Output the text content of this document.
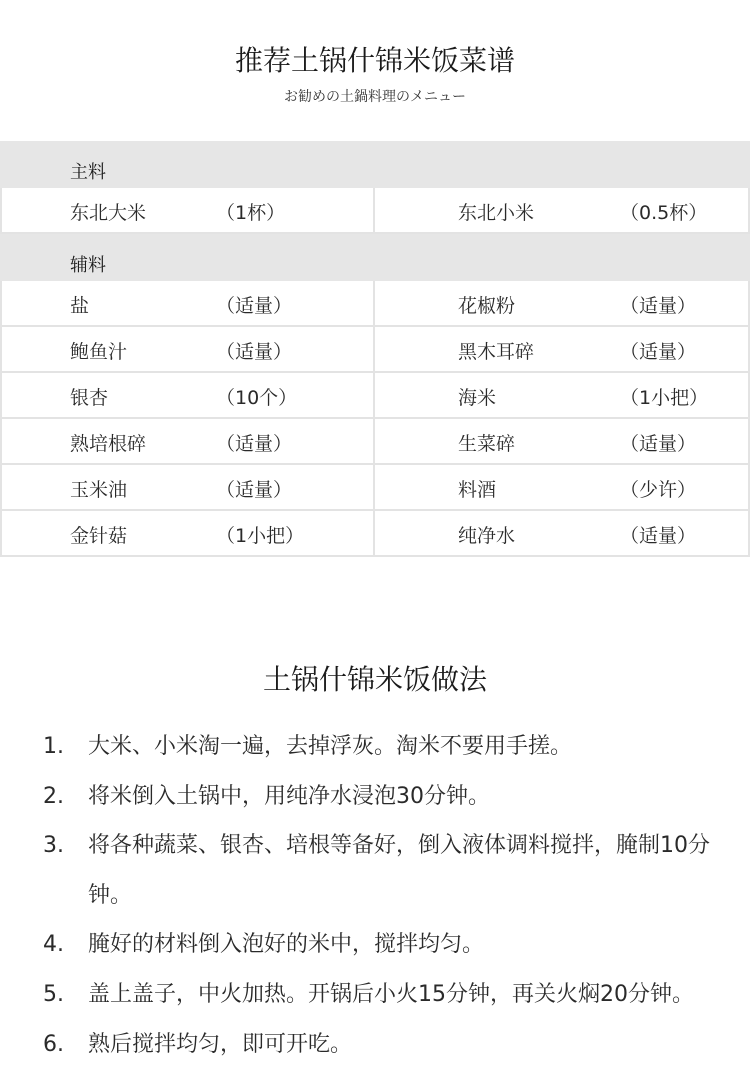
推荐土锅什锦米饭菜谱
お勧めの土鍋料理のメニュー
主料
东北大米	（1杯）	东北小米	（0.5杯）
辅料
盐	（适量）	花椒粉	（适量）
鲍鱼汁	（适量）	黑木耳碎	（适量）
银杏	（10个）	海米	（1小把）
熟培根碎	（适量）	生菜碎	（适量）
玉米油	（适量）	料酒	（少许）
金针菇	（1小把）	纯净水	（适量）
土锅什锦米饭做法
1. 大米、小米淘一遍，去掉浮灰。淘米不要用手搓。
2. 将米倒入土锅中，用纯净水浸泡30分钟。
3. 将各种蔬菜、银杏、培根等备好，倒入液体调料搅拌，腌制10分钟。
4. 腌好的材料倒入泡好的米中，搅拌均匀。
5. 盖上盖子，中火加热。开锅后小火15分钟，再关火焖20分钟。
6. 熟后搅拌均匀，即可开吃。
